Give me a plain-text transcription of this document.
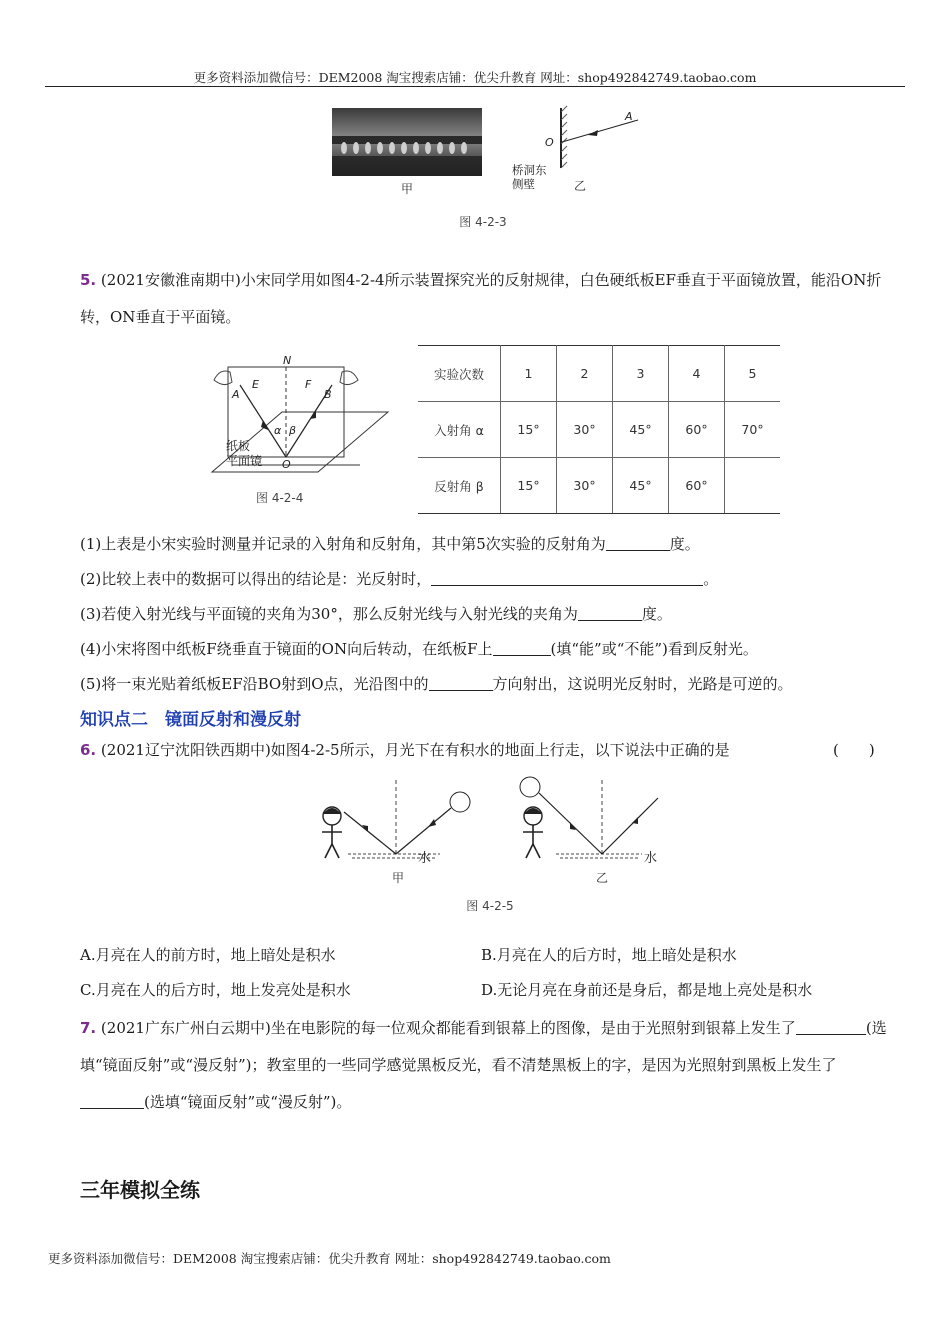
更多资料添加微信号：DEM2008 淘宝搜索店铺：优尖升教育 网址：shop492842749.taobao.com
更多资料添加微信号：DEM2008 淘宝搜索店铺：优尖升教育 网址：shop492842749.taobao.com
甲
A
O
桥洞东
侧壁	乙
图 4-2-3
5. (2021安徽淮南期中)小宋同学用如图4-2-4所示装置探究光的反射规律，白色硬纸板EF垂直于平面镜放置，能沿ON折转，ON垂直于平面镜。
N
E	F
A	B
α β
O
纸板
平面镜
图 4-2-4
实验次数	1	2	3	4	5
入射角 α	15°	30°	45°	60°	70°
反射角 β	15°	30°	45°	60°	
(1)上表是小宋实验时测量并记录的入射角和反射角，其中第5次实验的反射角为	度。
(2)比较上表中的数据可以得出的结论是：光反射时，	。
(3)若使入射光线与平面镜的夹角为30°，那么反射光线与入射光线的夹角为	度。
(4)小宋将图中纸板F绕垂直于镜面的ON向后转动，在纸板F上	(填“能”或“不能”)看到反射光。
(5)将一束光贴着纸板EF沿BO射到O点，光沿图中的	方向射出，这说明光反射时，光路是可逆的。
知识点二　镜面反射和漫反射
6. (2021辽宁沈阳铁西期中)如图4-2-5所示，月光下在有积水的地面上行走，以下说法中正确的是	(　　)
水
甲
水
乙
图 4-2-5
A.月亮在人的前方时，地上暗处是积水	B.月亮在人的后方时，地上暗处是积水
C.月亮在人的后方时，地上发亮处是积水	D.无论月亮在身前还是身后，都是地上亮处是积水
7. (2021广东广州白云期中)坐在电影院的每一位观众都能看到银幕上的图像，是由于光照射到银幕上发生了	(选填“镜面反射”或“漫反射”)；教室里的一些同学感觉黑板反光，看不清楚黑板上的字，是因为光照射到黑板上发生了(选填“镜面反射”或“漫反射”)。
三年模拟全练
